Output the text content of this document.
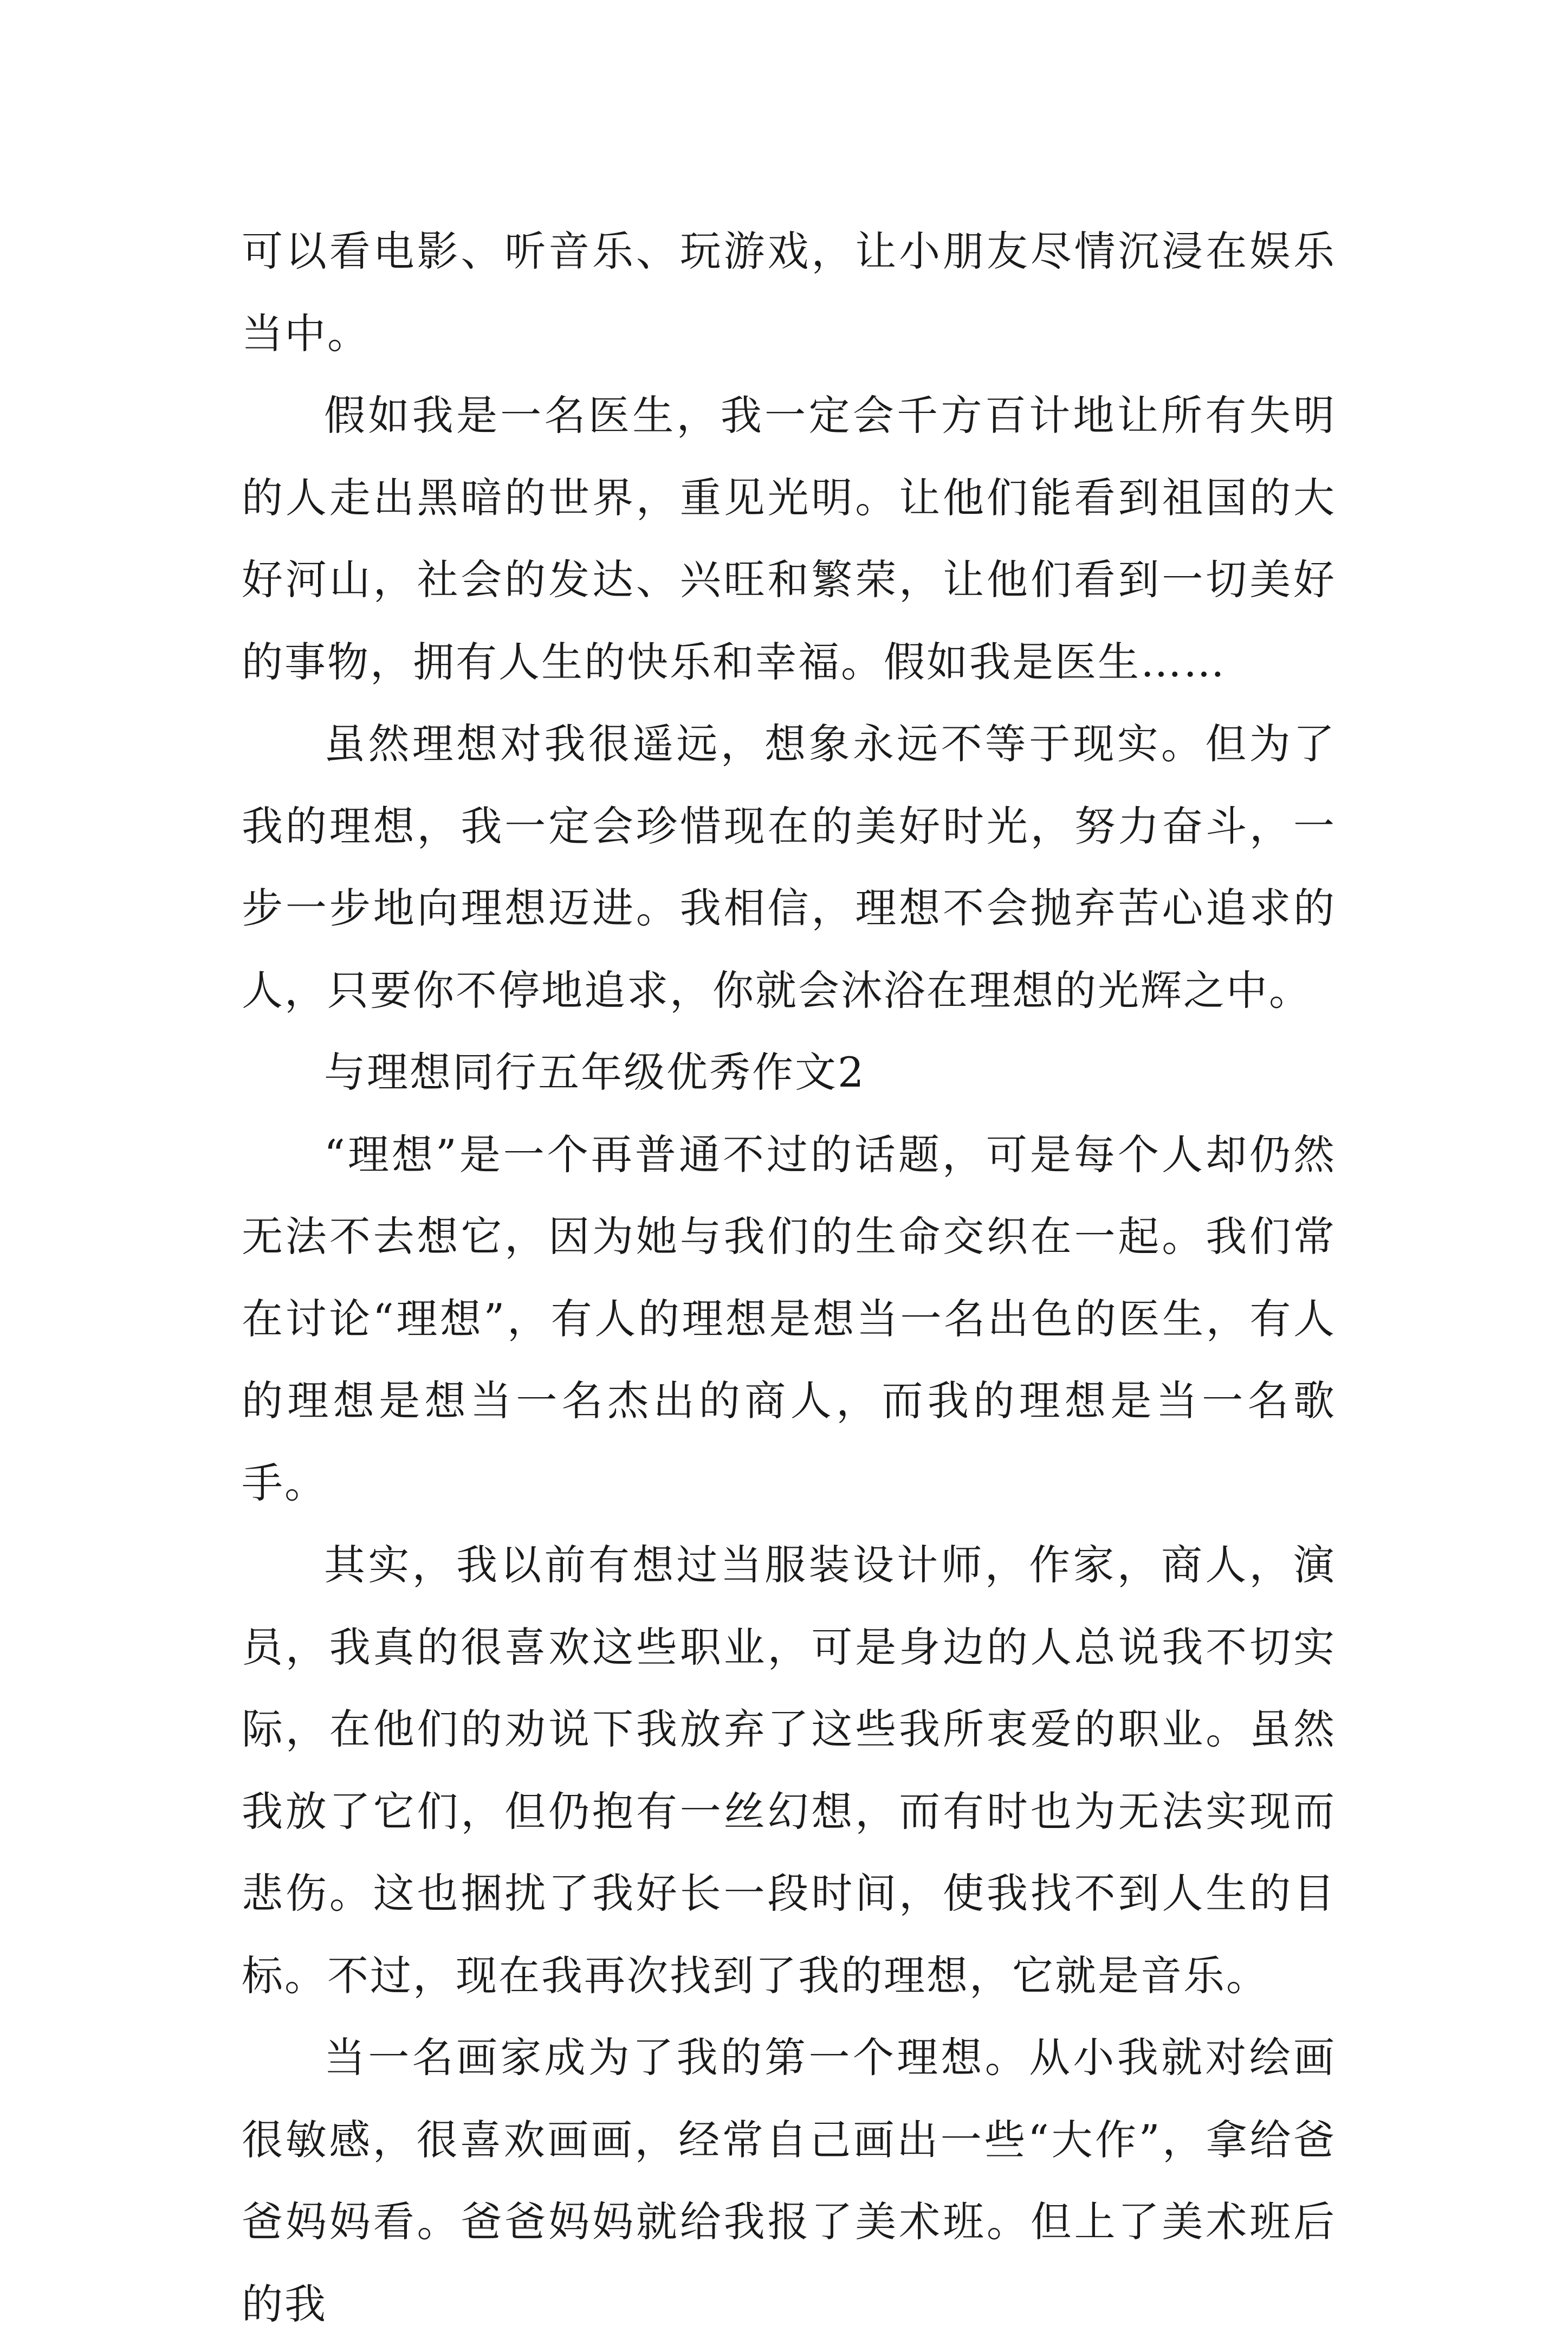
可以看电影、听音乐、玩游戏，让小朋友尽情沉浸在娱乐当中。

假如我是一名医生，我一定会千方百计地让所有失明的人走出黑暗的世界，重见光明。让他们能看到祖国的大好河山，社会的发达、兴旺和繁荣，让他们看到一切美好的事物，拥有人生的快乐和幸福。假如我是医生……

虽然理想对我很遥远，想象永远不等于现实。但为了我的理想，我一定会珍惜现在的美好时光，努力奋斗，一步一步地向理想迈进。我相信，理想不会抛弃苦心追求的人，只要你不停地追求，你就会沐浴在理想的光辉之中。

与理想同行五年级优秀作文2

“理想”是一个再普通不过的话题，可是每个人却仍然无法不去想它，因为她与我们的生命交织在一起。我们常在讨论“理想”，有人的理想是想当一名出色的医生，有人的理想是想当一名杰出的商人，而我的理想是当一名歌手。

其实，我以前有想过当服装设计师，作家，商人，演员，我真的很喜欢这些职业，可是身边的人总说我不切实际，在他们的劝说下我放弃了这些我所衷爱的职业。虽然我放了它们，但仍抱有一丝幻想，而有时也为无法实现而悲伤。这也捆扰了我好长一段时间，使我找不到人生的目标。不过，现在我再次找到了我的理想，它就是音乐。

当一名画家成为了我的第一个理想。从小我就对绘画很敏感，很喜欢画画，经常自己画出一些“大作”，拿给爸爸妈妈看。爸爸妈妈就给我报了美术班。但上了美术班后的我
